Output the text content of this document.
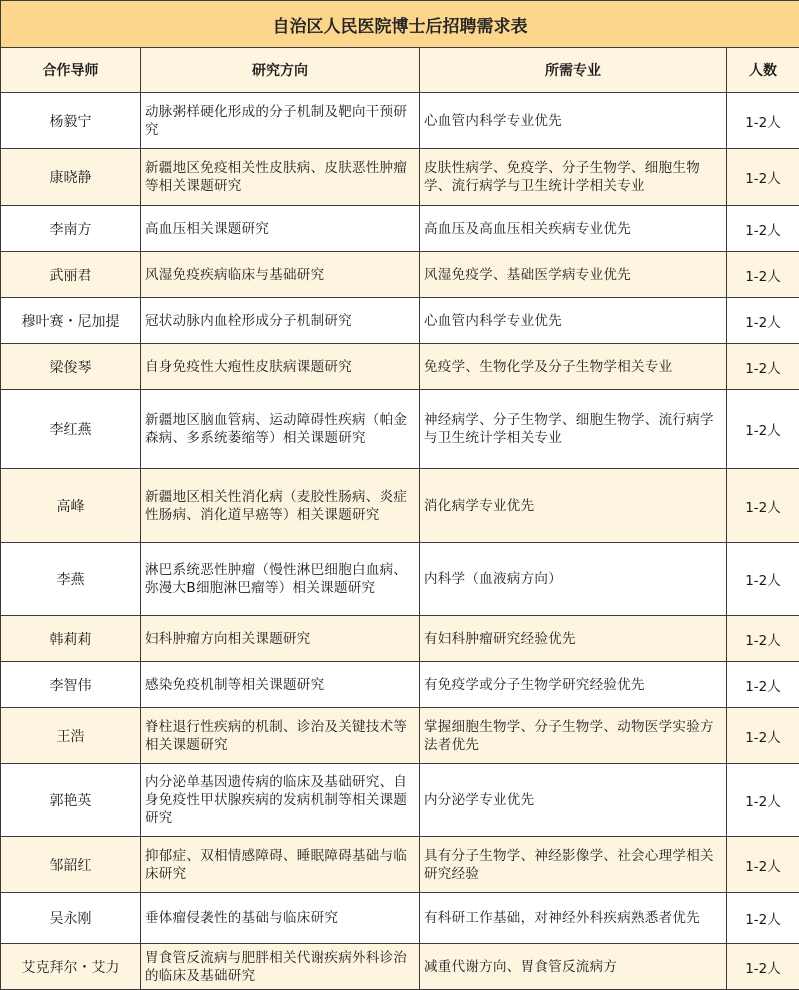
自治区人民医院博士后招聘需求表			
合作导师	研究方向	所需专业	人数
杨毅宁	动脉粥样硬化形成的分子机制及靶向干预研究	心血管内科学专业优先	1-2人
康晓静	新疆地区免疫相关性皮肤病、皮肤恶性肿瘤等相关课题研究	皮肤性病学、免疫学、分子生物学、细胞生物学、流行病学与卫生统计学相关专业	1-2人
李南方	高血压相关课题研究	高血压及高血压相关疾病专业优先	1-2人
武丽君	风湿免疫疾病临床与基础研究	风湿免疫学、基础医学病专业优先	1-2人
穆叶赛・尼加提	冠状动脉内血栓形成分子机制研究	心血管内科学专业优先	1-2人
梁俊琴	自身免疫性大疱性皮肤病课题研究	免疫学、生物化学及分子生物学相关专业	1-2人
李红燕	新疆地区脑血管病、运动障碍性疾病（帕金森病、多系统萎缩等）相关课题研究	神经病学、分子生物学、细胞生物学、流行病学与卫生统计学相关专业	1-2人
高峰	新疆地区相关性消化病（麦胶性肠病、炎症性肠病、消化道早癌等）相关课题研究	消化病学专业优先	1-2人
李燕	淋巴系统恶性肿瘤（慢性淋巴细胞白血病、弥漫大B细胞淋巴瘤等）相关课题研究	内科学（血液病方向）	1-2人
韩莉莉	妇科肿瘤方向相关课题研究	有妇科肿瘤研究经验优先	1-2人
李智伟	感染免疫机制等相关课题研究	有免疫学或分子生物学研究经验优先	1-2人
王浩	脊柱退行性疾病的机制、诊治及关键技术等相关课题研究	掌握细胞生物学、分子生物学、动物医学实验方法者优先	1-2人
郭艳英	内分泌单基因遗传病的临床及基础研究、自身免疫性甲状腺疾病的发病机制等相关课题研究	内分泌学专业优先	1-2人
邹韶红	抑郁症、双相情感障碍、睡眠障碍基础与临床研究	具有分子生物学、神经影像学、社会心理学相关研究经验	1-2人
吴永刚	垂体瘤侵袭性的基础与临床研究	有科研工作基础，对神经外科疾病熟悉者优先	1-2人
艾克拜尔・艾力	胃食管反流病与肥胖相关代谢疾病外科诊治的临床及基础研究	减重代谢方向、胃食管反流病方	1-2人
